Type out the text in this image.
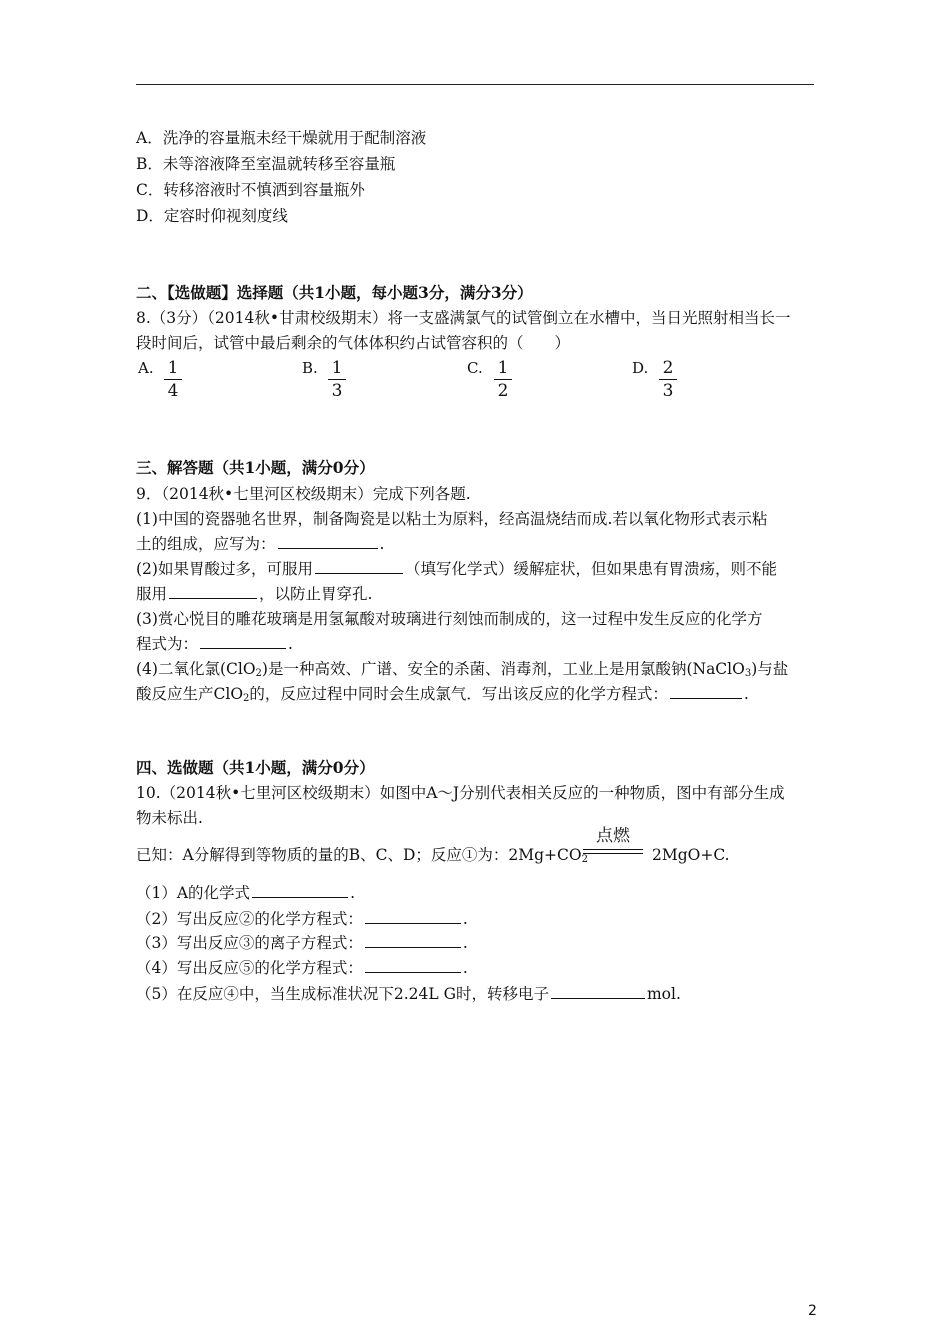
A．洗净的容量瓶未经干燥就用于配制溶液
B．未等溶液降至室温就转移至容量瓶
C．转移溶液时不慎洒到容量瓶外
D．定容时仰视刻度线
二、【选做题】选择题（共1小题，每小题3分，满分3分）
8.（3分）（2014秋•甘肃校级期末）将一支盛满氯气的试管倒立在水槽中，当日光照射相当长一
段时间后，试管中最后剩余的气体体积约占试管容积的（　　）
A. 1
4
B. 1
3
C. 1
2
D. 2
3
三、解答题（共1小题，满分0分）
9．（2014秋•七里河区校级期末）完成下列各题.
(1)中国的瓷器驰名世界，制备陶瓷是以粘土为原料，经高温烧结而成.若以氧化物形式表示粘
土的组成，应写为：	.
(2)如果胃酸过多，可服用	（填写化学式）缓解症状，但如果患有胃溃疡，则不能
服用	，以防止胃穿孔.
(3)赏心悦目的雕花玻璃是用氢氟酸对玻璃进行刻蚀而制成的，这一过程中发生反应的化学方
程式为：	.
(4)二氧化氯(ClO$_2$)是一种高效、广谱、安全的杀菌、消毒剂，工业上是用氯酸钠(NaClO$_3$)与盐
酸反应生产ClO$_2$的，反应过程中同时会生成氯气．写出该反应的化学方程式：	.
四、选做题（共1小题，满分0分）
10.（2014秋•七里河区校级期末）如图中A～J分别代表相关反应的一种物质，图中有部分生成
物未标出.
已知：A分解得到等物质的量的B、C、D；反应①为：$2Mg+CO_2$	2MgO+C.
点燃
（1）A的化学式	.
（2）写出反应②的化学方程式：	.
（3）写出反应③的离子方程式：	.
（4）写出反应⑤的化学方程式：	.
（5）在反应④中，当生成标准状况下2.24L G时，转移电子	mol.
2
